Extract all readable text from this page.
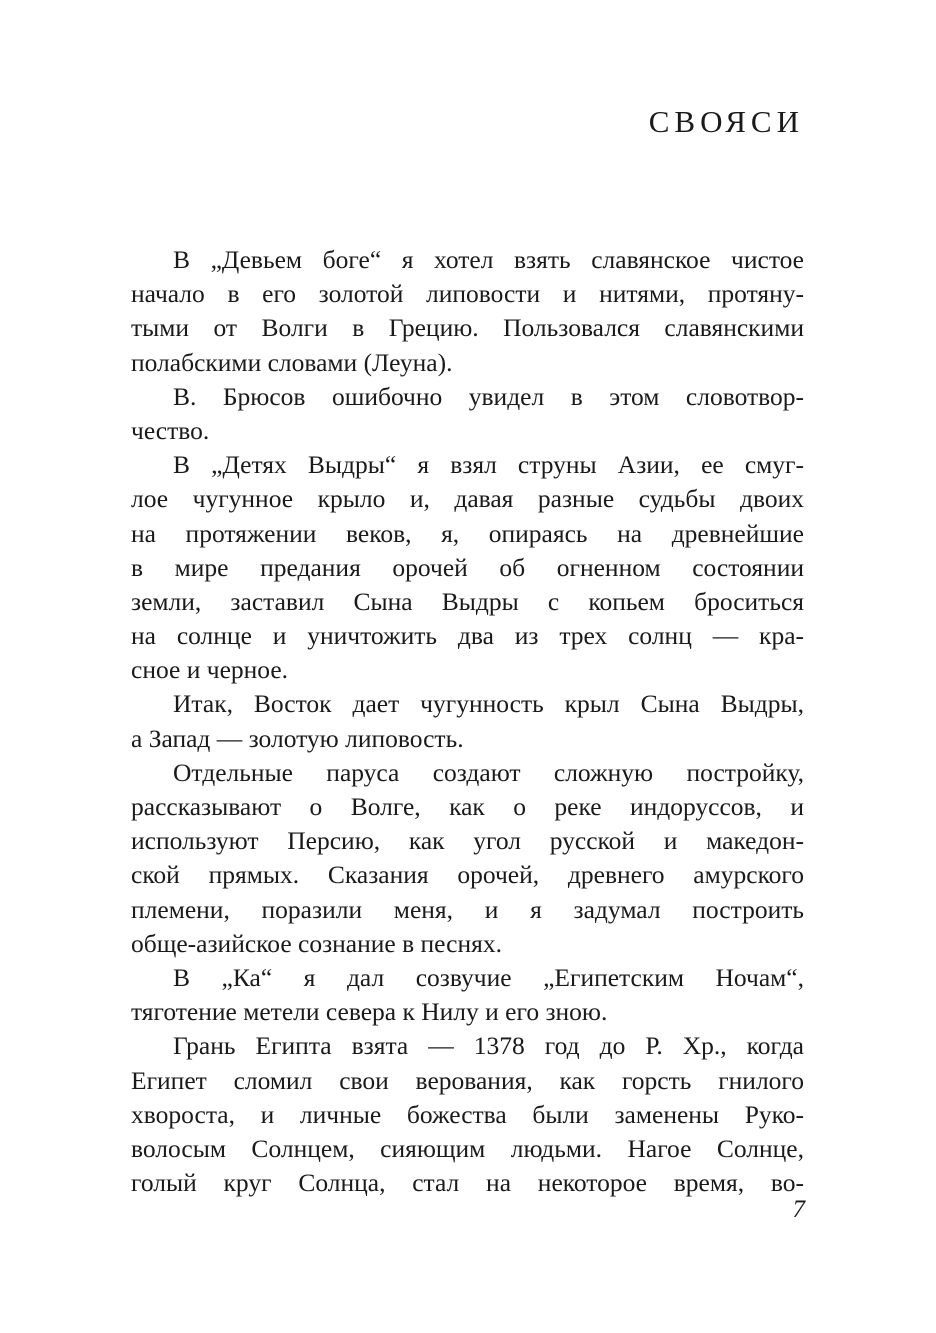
СВОЯСИ
В „Девьем боге“ я хотел взять славянское чистое
начало в его золотой липовости и нитями, протяну-
тыми от Волги в Грецию. Пользовался славянскими
полабскими словами (Леуна).
В. Брюсов ошибочно увидел в этом словотвор-
чество.
В „Детях Выдры“ я взял струны Азии, ее смуг-
лое чугунное крыло и, давая разные судьбы двоих
на протяжении веков, я, опираясь на древнейшие
в мире предания орочей об огненном состоянии
земли, заставил Сына Выдры с копьем броситься
на солнце и уничтожить два из трех солнц — кра-
сное и черное.
Итак, Восток дает чугунность крыл Сына Выдры,
а Запад — золотую липовость.
Отдельные паруса создают сложную постройку,
рассказывают о Волге, как о реке индоруссов, и
используют Персию, как угол русской и македон-
ской прямых. Сказания орочей, древнего амурского
племени, поразили меня, и я задумал построить
обще-азийское сознание в песнях.
В „Ка“ я дал созвучие „Египетским Ночам“,
тяготение метели севера к Нилу и его зною.
Грань Египта взята — 1378 год до Р. Хр., когда
Египет сломил свои верования, как горсть гнилого
хвороста, и личные божества были заменены Руко-
волосым Солнцем, сияющим людьми. Нагое Солнце,
голый круг Солнца, стал на некоторое время, во-

7
